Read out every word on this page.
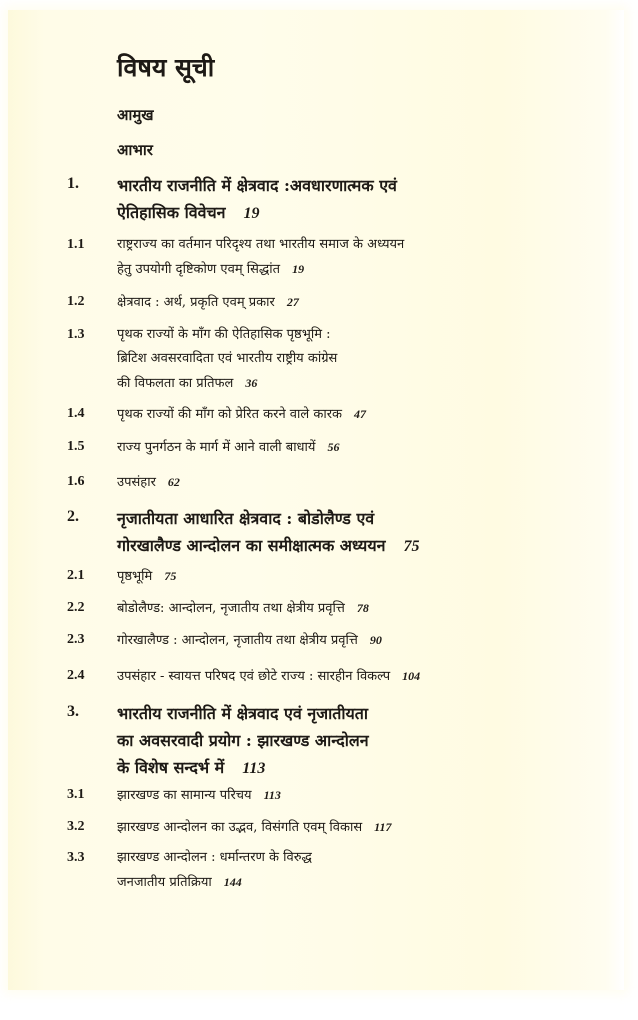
विषय सूची
आमुख
आभार
1. भारतीय राजनीति में क्षेत्रवाद :अवधारणात्मक एवं
ऐतिहासिक विवेचन 19
1.1	राष्ट्रराज्य का वर्तमान परिदृश्य तथा भारतीय समाज के अध्ययन
हेतु उपयोगी दृष्टिकोण एवम् सिद्धांत 19
1.2	क्षेत्रवाद : अर्थ, प्रकृति एवम् प्रकार 27
1.3	पृथक राज्यों के माँग की ऐतिहासिक पृष्ठभूमि :
ब्रिटिश अवसरवादिता एवं भारतीय राष्ट्रीय कांग्रेस
की विफलता का प्रतिफल 36
1.4	पृथक राज्यों की माँग को प्रेरित करने वाले कारक 47
1.5	राज्य पुनर्गठन के मार्ग में आने वाली बाधायें 56
1.6	उपसंहार 62
2. नृजातीयता आधारित क्षेत्रवाद : बोडोलैण्ड एवं
गोरखालैण्ड आन्दोलन का समीक्षात्मक अध्ययन 75
2.1	पृष्ठभूमि 75
2.2	बोडोलैण्ड: आन्दोलन, नृजातीय तथा क्षेत्रीय प्रवृत्ति 78
2.3	गोरखालैण्ड : आन्दोलन, नृजातीय तथा क्षेत्रीय प्रवृत्ति 90
2.4	उपसंहार - स्वायत्त परिषद एवं छोटे राज्य : सारहीन विकल्प 104
3. भारतीय राजनीति में क्षेत्रवाद एवं नृजातीयता
का अवसरवादी प्रयोग : झारखण्ड आन्दोलन
के विशेष सन्दर्भ में 113
3.1	झारखण्ड का सामान्य परिचय 113
3.2	झारखण्ड आन्दोलन का उद्भव, विसंगति एवम् विकास 117
3.3	झारखण्ड आन्दोलन : धर्मान्तरण के विरुद्ध
जनजातीय प्रतिक्रिया 144
